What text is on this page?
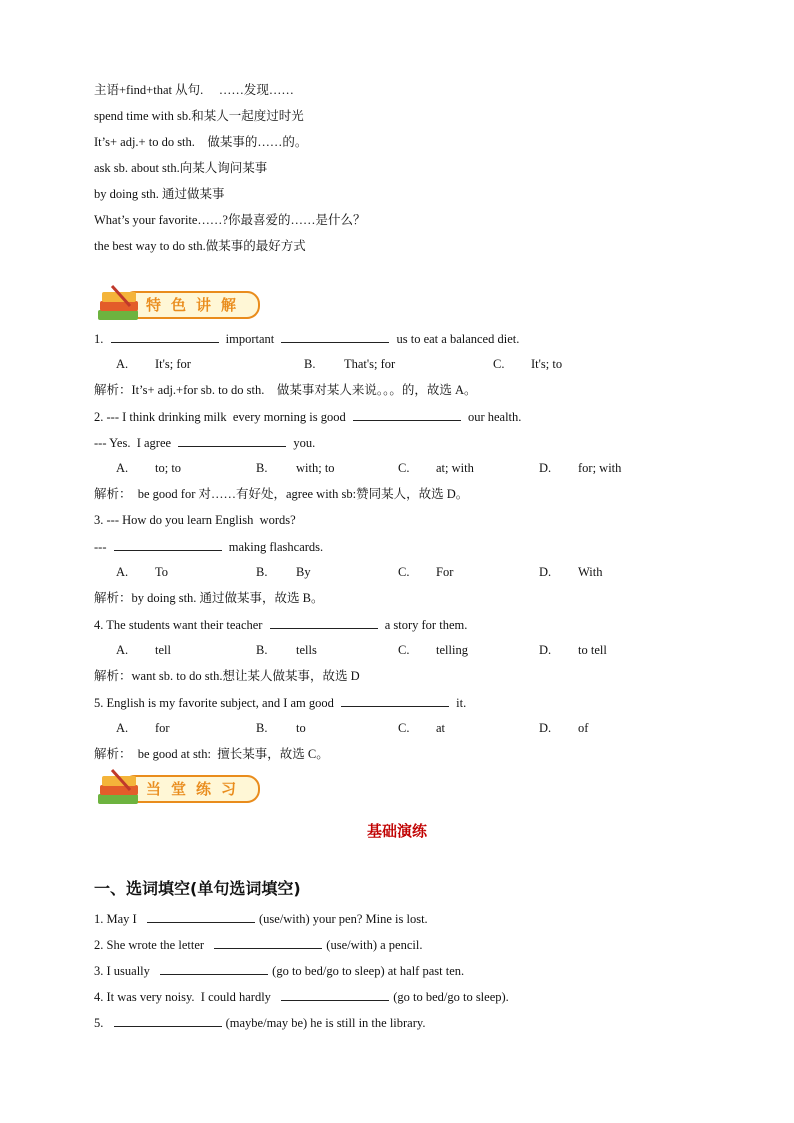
主语+find+that 从句.     ……发现……
spend time with sb.和某人一起度过时光
It’s+ adj.+ to do sth.    做某事的……的。
ask sb. about sth.向某人询问某事
by doing sth. 通过做某事
What’s your favorite……?你最喜爱的……是什么？
the best way to do sth.做某事的最好方式
特色讲解
1.	important	us to eat a balanced diet.
A. It's; for	B. That's; for	C. It's; to
解析：It’s+ adj.+for sb. to do sth.    做某事对某人来说。。。的，故选 A。
2. --- I think drinking milk  every morning is good	our health.
--- Yes.  I agree	you.
A. to; to	B. with; to	C. at; with	D. for; with
解析：  be good for 对……有好处，agree with sb:赞同某人，故选 D。
3. --- How do you learn English  words?
---	making flashcards.
A. To	B. By	C. For	D. With
解析：by doing sth. 通过做某事，故选 B。
4. The students want their teacher	a story for them.
A. tell	B. tells	C. telling	D. to tell
解析：want sb. to do sth.想让某人做某事，故选 D
5. English is my favorite subject, and I am good	it.
A. for	B. to	C. at	D. of
解析：  be good at sth:  擅长某事，故选 C。
当堂练习
基础演练
一、选词填空(单句选词填空)
1. May I	(use/with) your pen? Mine is lost.
2. She wrote the letter	(use/with) a pencil.
3. I usually	(go to bed/go to sleep) at half past ten.
4. It was very noisy.  I could hardly	(go to bed/go to sleep).
5.	(maybe/may be) he is still in the library.
